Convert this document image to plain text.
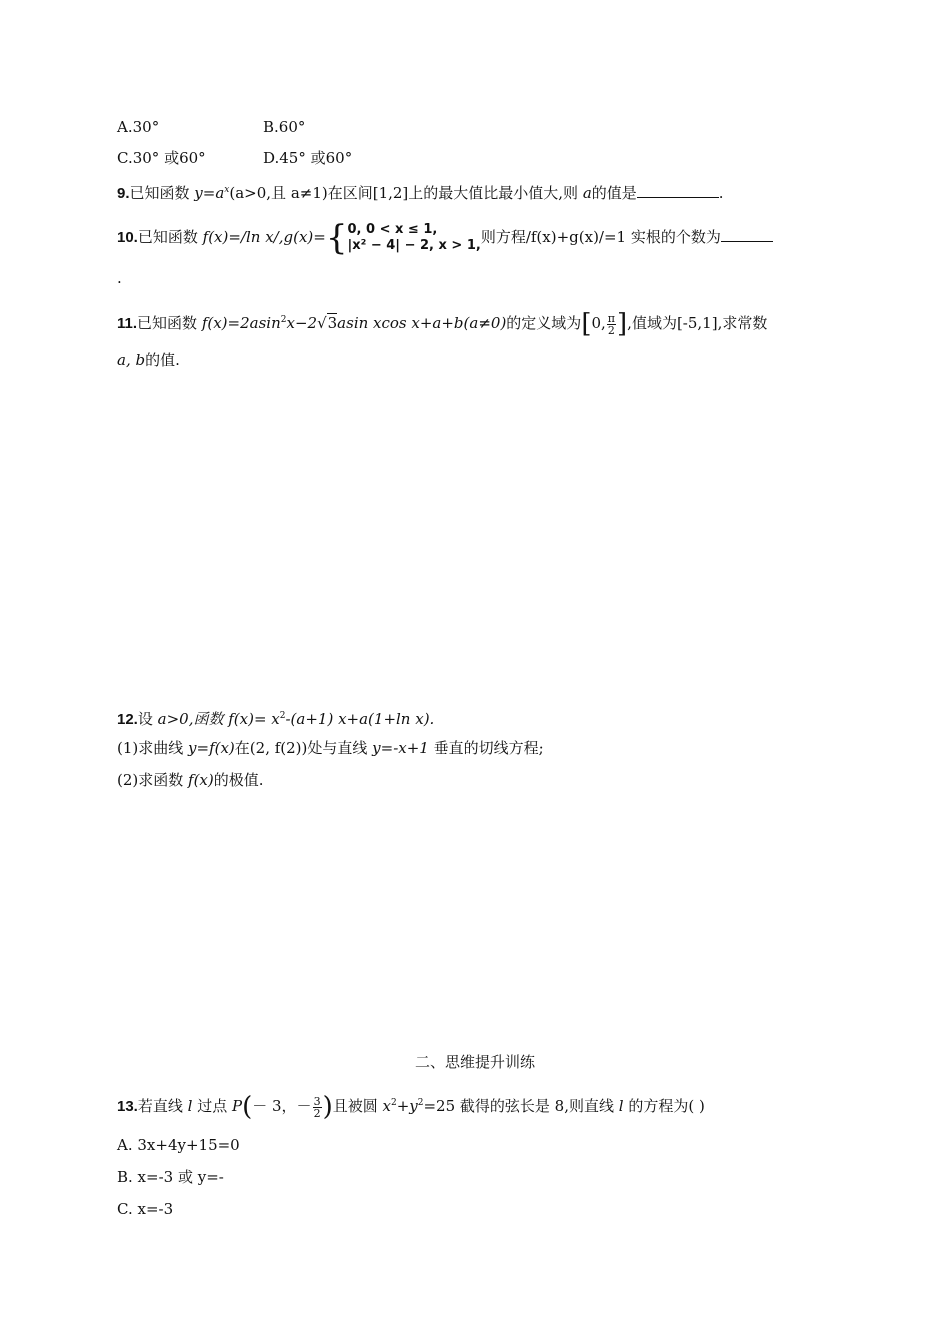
A.30°	B.60°
C.30° 或60°	D.45° 或60°
9.已知函数 $y=a^x(a>0$,且 a≠1)在区间[1,2]上的最大值比最小值大,则 a的值是	.
10.已知函数 f(x)=/ln x/,g(x)={ 0, 0 < x ≤ 1,
|x² − 4| − 2, x > 1, 则方程/f(x)+g(x)/=1 实根的个数为
.
11.已知函数 f(x)=2asin$^2$x−2√3asin xcos x+a+b(a≠0)的定义域为[0, $\frac{\pi}{2}$ ],值域为[-5,1],求常数
a, b的值.
12.设 a>0,函数 $f(x)= x^2-(a+1)$ x+a(1+ln x).
(1)求曲线 y=f(x)在(2, f(2))处与直线 y=-x+1 垂直的切线方程;
(2)求函数 f(x)的极值.
二、思维提升训练
13.若直线 l 过点 P(－ 3，－ $\frac{3}{2}$ )且被圆 $x^2+y^2=25$ 截得的弦长是 8,则直线 l 的方程为( )
A. 3x+4y+15=0
B. x=-3 或 y=-
C. x=-3
